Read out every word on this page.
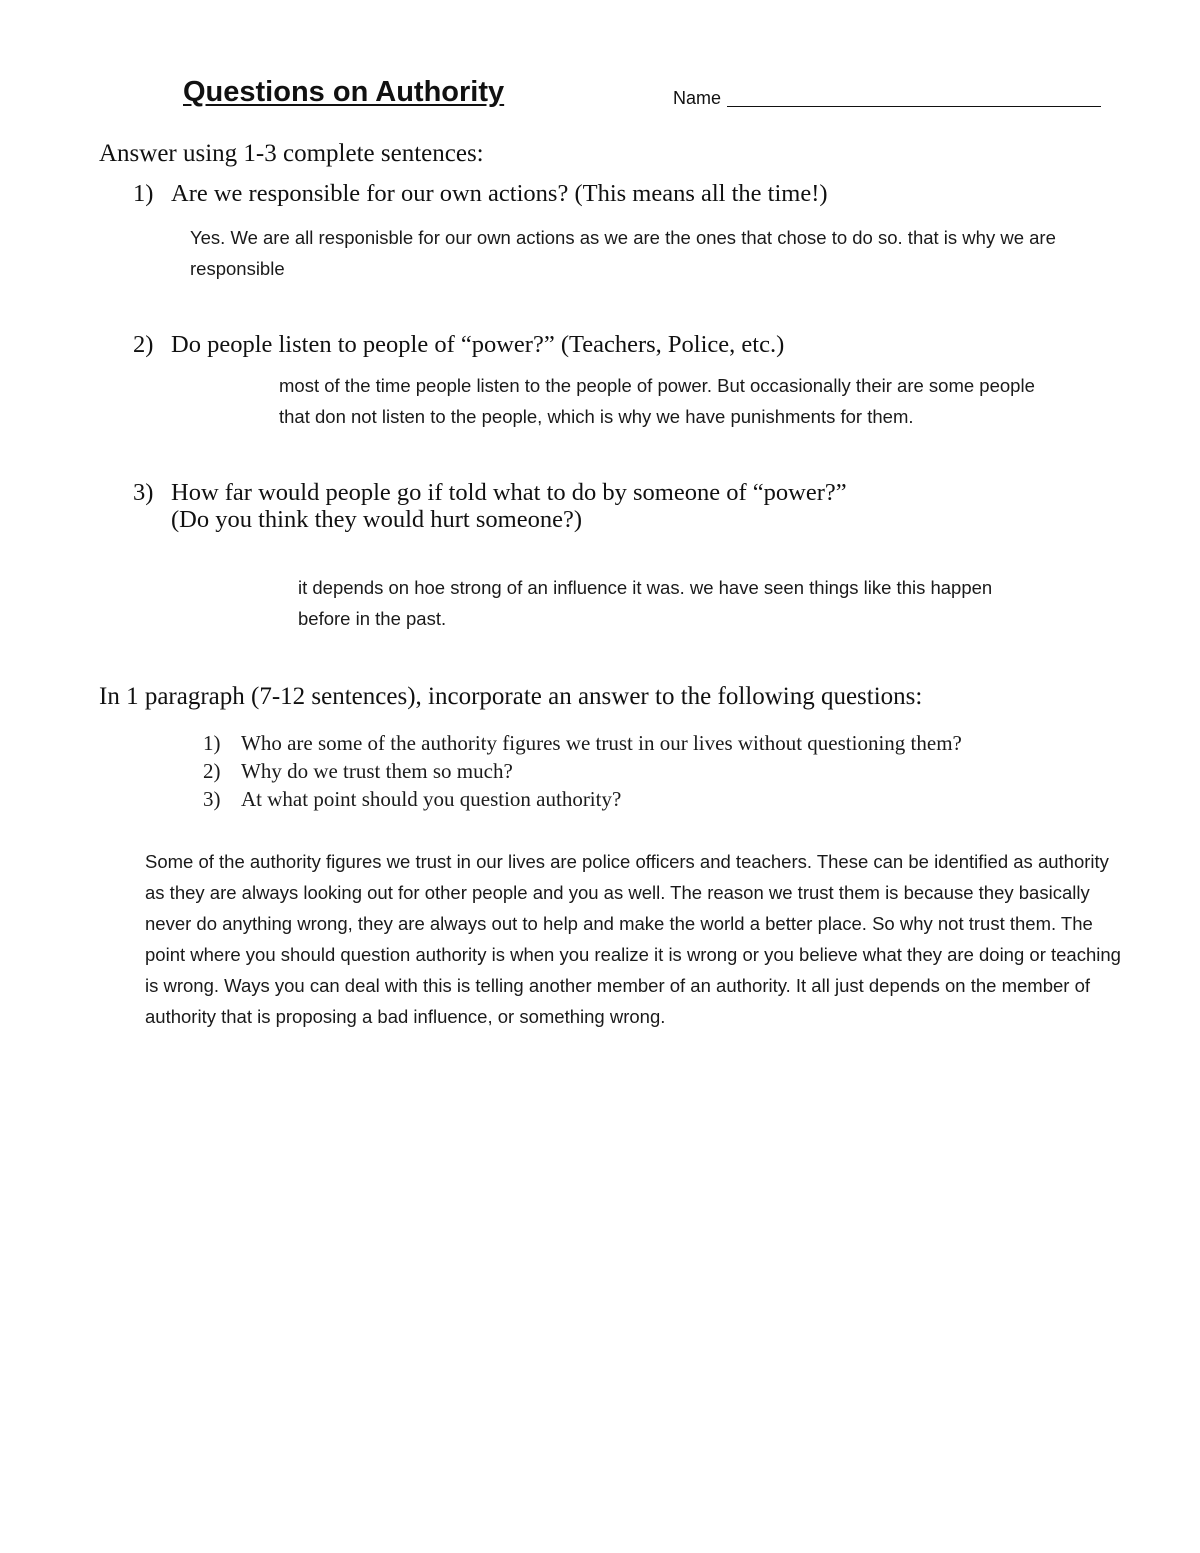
Questions on Authority	Name
Answer using 1-3 complete sentences:
1) Are we responsible for our own actions? (This means all the time!)
Yes. We are all responisble for our own actions as we are the ones that chose to do so. that is why we are responsible
2) Do people listen to people of “power?” (Teachers, Police, etc.)
most of the time people listen to the people of power. But occasionally their are some people that don not listen to the people, which is why we have punishments for them.
3) How far would people go if told what to do by someone of “power?”
(Do you think they would hurt someone?)
it depends on hoe strong of an influence it was. we have seen things like this happen before in the past.
In 1 paragraph (7-12 sentences), incorporate an answer to the following questions:
1) Who are some of the authority figures we trust in our lives without questioning them?
2) Why do we trust them so much?
3) At what point should you question authority?
Some of the authority figures we trust in our lives are police officers and teachers. These can be identified as authority as they are always looking out for other people and you as well. The reason we trust them is because they basically never do anything wrong, they are always out to help and make the world a better place. So why not trust them. The point where you should question authority is when you realize it is wrong or you believe what they are doing or teaching is wrong. Ways you can deal with this is telling another member of an authority. It all just depends on the member of authority that is proposing a bad influence, or something wrong.
